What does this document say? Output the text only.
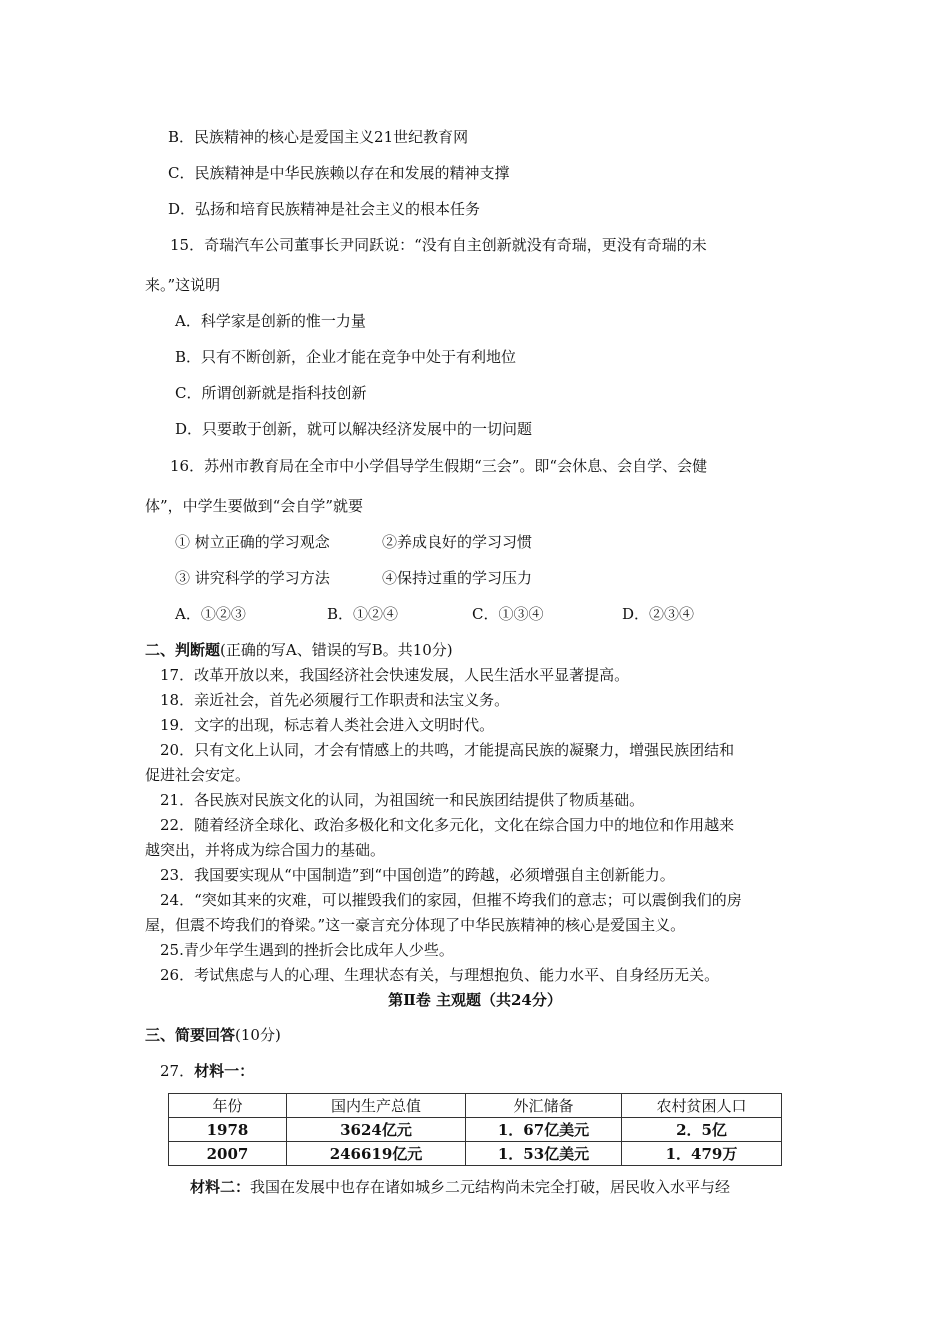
B．民族精神的核心是爱国主义21世纪教育网
C．民族精神是中华民族赖以存在和发展的精神支撑
D．弘扬和培育民族精神是社会主义的根本任务
15．奇瑞汽车公司董事长尹同跃说：“没有自主创新就没有奇瑞，更没有奇瑞的未
来。”这说明
A．科学家是创新的惟一力量
B．只有不断创新，企业才能在竞争中处于有利地位
C．所谓创新就是指科技创新
D．只要敢于创新，就可以解决经济发展中的一切问题
16．苏州市教育局在全市中小学倡导学生假期“三会”。即“会休息、会自学、会健
体”，中学生要做到“会自学”就要
① 树立正确的学习观念	②养成良好的学习习惯
③ 讲究科学的学习方法	④保持过重的学习压力
A．①②③	B．①②④	C．①③④	D．②③④
二、判断题(正确的写A、错误的写B。共10分)
17．改革开放以来，我国经济社会快速发展，人民生活水平显著提高。
18．亲近社会，首先必须履行工作职责和法宝义务。
19．文字的出现，标志着人类社会进入文明时代。
20．只有文化上认同，才会有情感上的共鸣，才能提高民族的凝聚力，增强民族团结和
促进社会安定。
21．各民族对民族文化的认同，为祖国统一和民族团结提供了物质基础。
22．随着经济全球化、政治多极化和文化多元化，文化在综合国力中的地位和作用越来
越突出，并将成为综合国力的基础。
23．我国要实现从“中国制造”到“中国创造”的跨越，必须增强自主创新能力。
24．“突如其来的灾难，可以摧毁我们的家园，但摧不垮我们的意志；可以震倒我们的房
屋，但震不垮我们的脊梁。”这一豪言充分体现了中华民族精神的核心是爱国主义。
25.青少年学生遇到的挫折会比成年人少些。
26．考试焦虑与人的心理、生理状态有关，与理想抱负、能力水平、自身经历无关。
第Ⅱ卷 主观题（共24分）
三、简要回答(10分)
27．材料一：
年份	国内生产总值	外汇储备	农村贫困人口
1978	3624亿元	1．67亿美元	2．5亿
2007	246619亿元	1．53亿美元	1．479万
材料二：我国在发展中也存在诸如城乡二元结构尚未完全打破，居民收入水平与经
